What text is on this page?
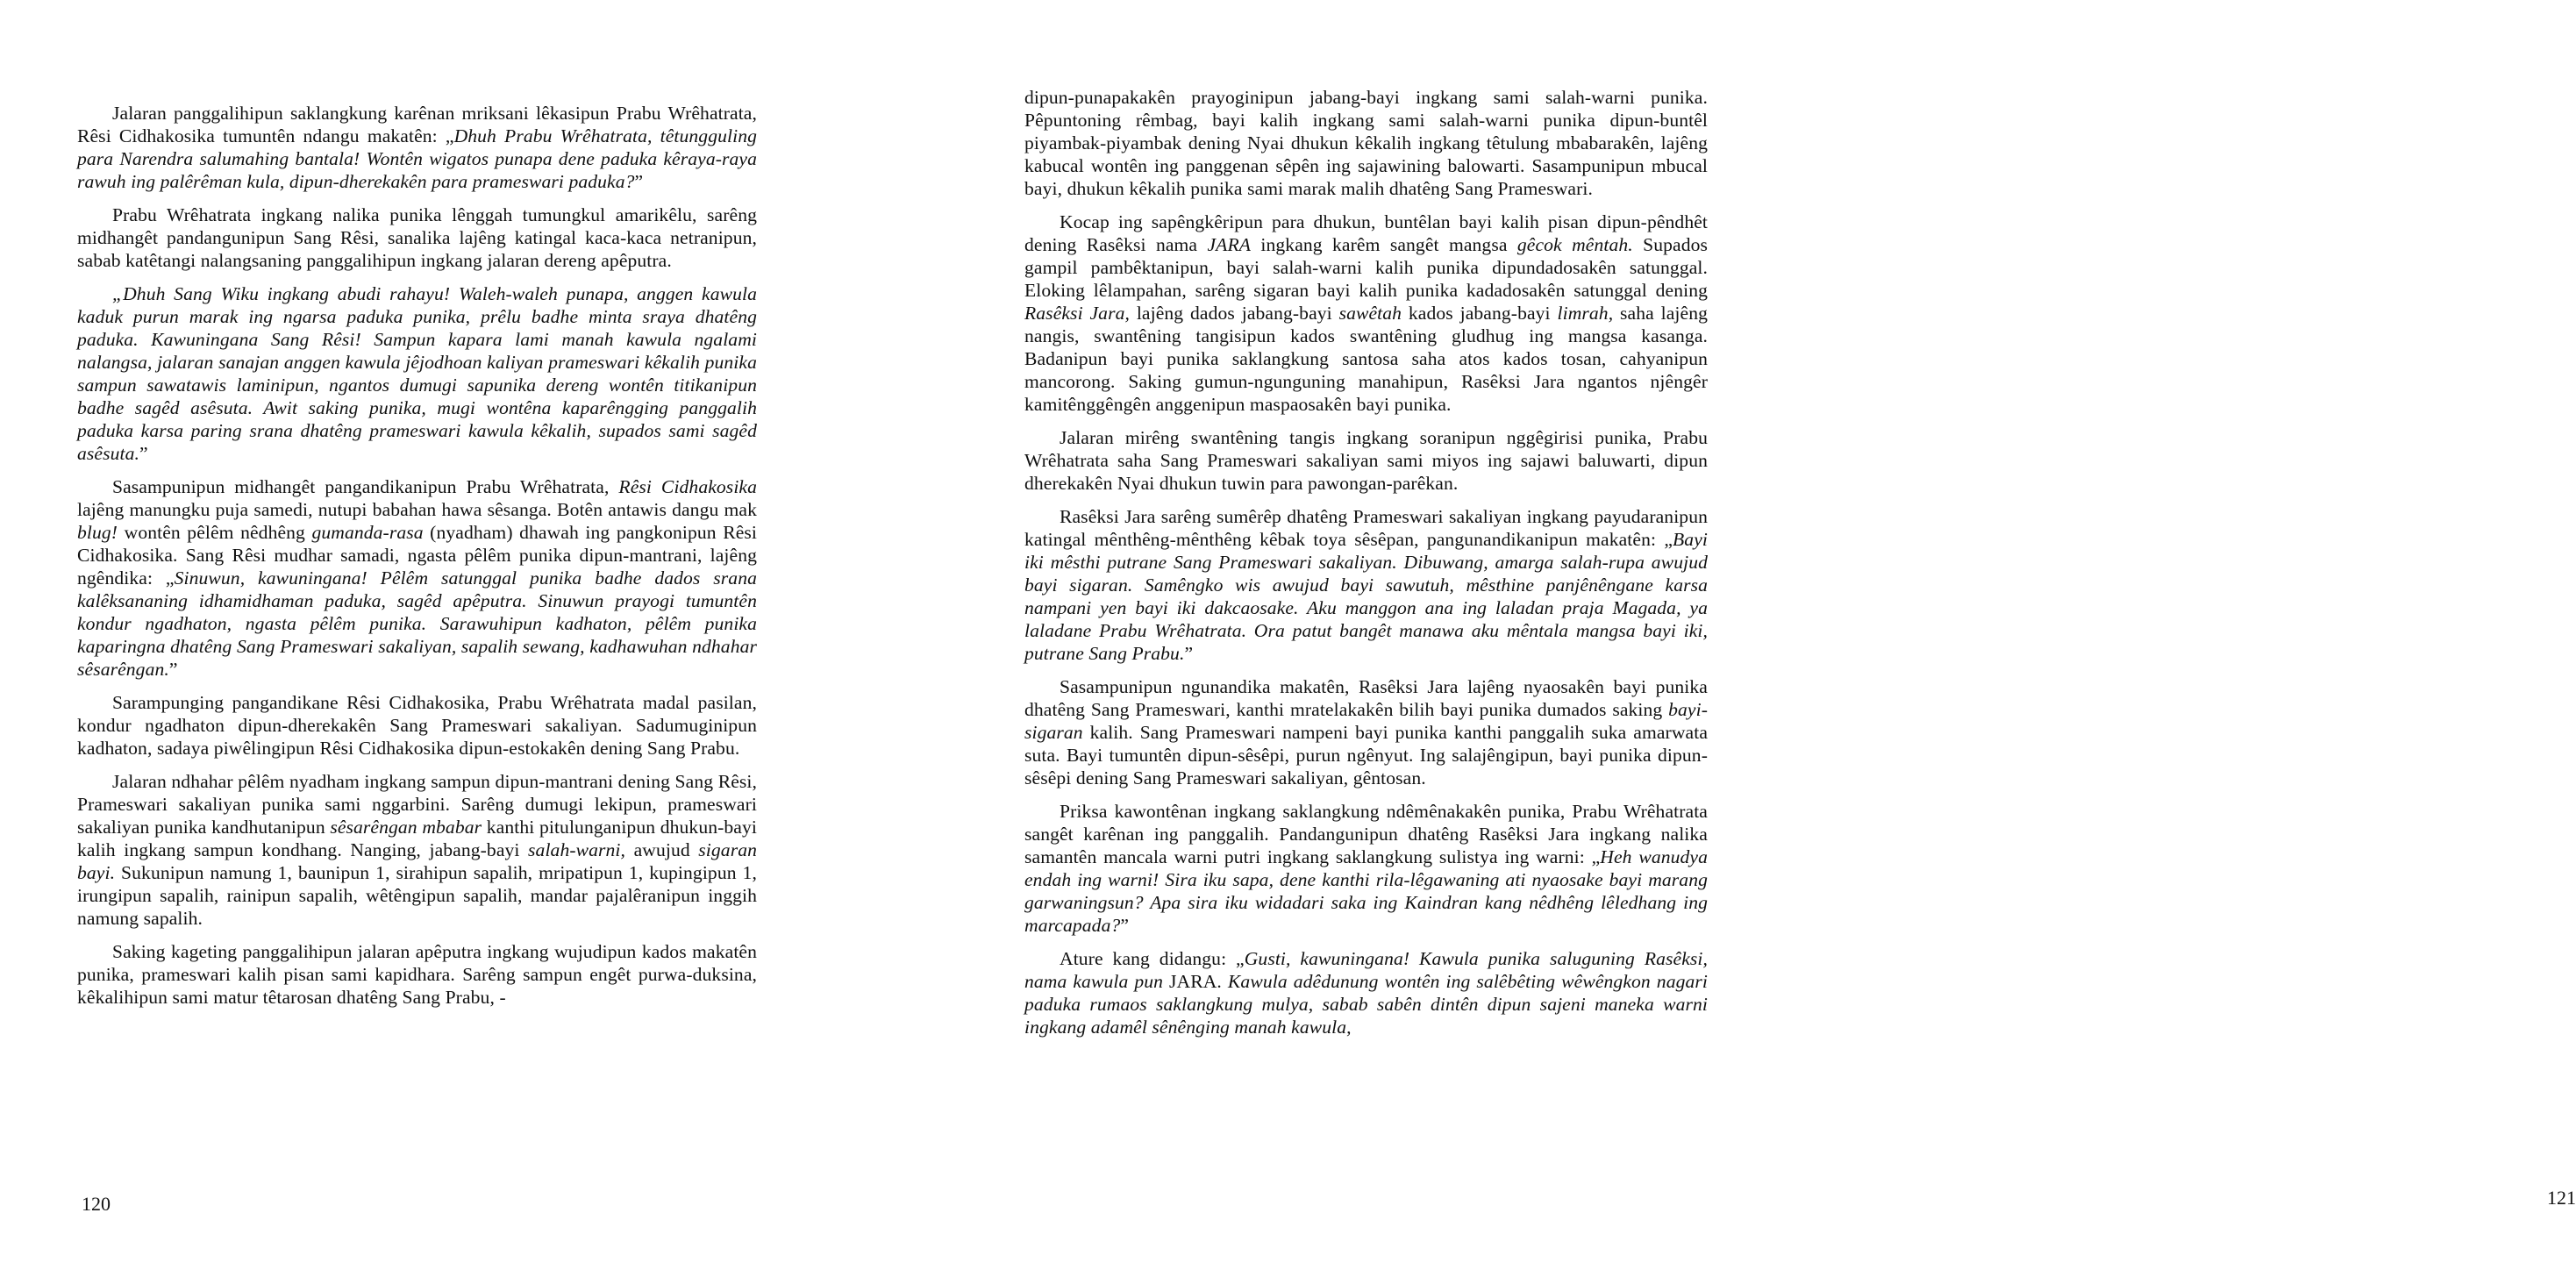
Jalaran panggalihipun saklangkung karênan mriksani lêkasipun Prabu Wrêhatrata, Rêsi Cidhakosika tumuntên ndangu makatên: „Dhuh Prabu Wrêhatrata, têtungguling para Narendra salumahing bantala! Wontên wigatos punapa dene paduka kêraya-raya rawuh ing palêrêman kula, dipun-dherekakên para prameswari paduka?”

Prabu Wrêhatrata ingkang nalika punika lênggah tumungkul amarikêlu, sarêng midhangêt pandangunipun Sang Rêsi, sanalika lajêng katingal kaca-kaca netranipun, sabab katêtangi nalangsaning panggalihipun ingkang jalaran dereng apêputra.

„Dhuh Sang Wiku ingkang abudi rahayu! Waleh-waleh punapa, anggen kawula kaduk purun marak ing ngarsa paduka punika, prêlu badhe minta sraya dhatêng paduka. Kawuningana Sang Rêsi! Sampun kapara lami manah kawula ngalami nalangsa, jalaran sanajan anggen kawula jêjodhoan kaliyan prameswari kêkalih punika sampun sawatawis laminipun, ngantos dumugi sapunika dereng wontên titikanipun badhe sagêd asêsuta. Awit saking punika, mugi wontêna kaparêngging panggalih paduka karsa paring srana dhatêng prameswari kawula kêkalih, supados sami sagêd asêsuta.”

Sasampunipun midhangêt pangandikanipun Prabu Wrêhatrata, Rêsi Cidhakosika lajêng manungku puja samedi, nutupi babahan hawa sêsanga. Botên antawis dangu mak blug! wontên pêlêm nêdhêng gumanda-rasa (nyadham) dhawah ing pangkonipun Rêsi Cidhakosika. Sang Rêsi mudhar samadi, ngasta pêlêm punika dipun-mantrani, lajêng ngêndika: „Sinuwun, kawuningana! Pêlêm satunggal punika badhe dados srana kalêksananing idhamidhaman paduka, sagêd apêputra. Sinuwun prayogi tumuntên kondur ngadhaton, ngasta pêlêm punika. Sarawuhipun kadhaton, pêlêm punika kaparingna dhatêng Sang Prameswari sakaliyan, sapalih sewang, kadhawuhan ndhahar sêsarêngan.”

Sarampunging pangandikane Rêsi Cidhakosika, Prabu Wrêhatrata madal pasilan, kondur ngadhaton dipun-dherekakên Sang Prameswari sakaliyan. Sadumuginipun kadhaton, sadaya piwêlingipun Rêsi Cidhakosika dipun-estokakên dening Sang Prabu.

Jalaran ndhahar pêlêm nyadham ingkang sampun dipun-mantrani dening Sang Rêsi, Prameswari sakaliyan punika sami nggarbini. Sarêng dumugi lekipun, prameswari sakaliyan punika kandhutanipun sêsarêngan mbabar kanthi pitulunganipun dhukun-bayi kalih ingkang sampun kondhang. Nanging, jabang-bayi salah-warni, awujud sigaran bayi. Sukunipun namung 1, baunipun 1, sirahipun sapalih, mripatipun 1, kupingipun 1, irungipun sapalih, rainipun sapalih, wêtêngipun sapalih, mandar pajalêranipun inggih namung sapalih.

Saking kageting panggalihipun jalaran apêputra ingkang wujudipun kados makatên punika, prameswari kalih pisan sami kapidhara. Sarêng sampun engêt purwa-duksina, kêkalihipun sami matur têtarosan dhatêng Sang Prabu, -

120

dipun-punapakakên prayoginipun jabang-bayi ingkang sami salah-warni punika. Pêpuntoning rêmbag, bayi kalih ingkang sami salah-warni punika dipun-buntêl piyambak-piyambak dening Nyai dhukun kêkalih ingkang têtulung mbabarakên, lajêng kabucal wontên ing panggenan sêpên ing sajawining balowarti. Sasampunipun mbucal bayi, dhukun kêkalih punika sami marak malih dhatêng Sang Prameswari.

Kocap ing sapêngkêripun para dhukun, buntêlan bayi kalih pisan dipun-pêndhêt dening Rasêksi nama JARA ingkang karêm sangêt mangsa gêcok mêntah. Supados gampil pambêktanipun, bayi salah-warni kalih punika dipundadosakên satunggal. Eloking lêlampahan, sarêng sigaran bayi kalih punika kadadosakên satunggal dening Rasêksi Jara, lajêng dados jabang-bayi sawêtah kados jabang-bayi limrah, saha lajêng nangis, swantêning tangisipun kados swantêning gludhug ing mangsa kasanga. Badanipun bayi punika saklangkung santosa saha atos kados tosan, cahyanipun mancorong. Saking gumun-ngunguning manahipun, Rasêksi Jara ngantos njêngêr kamitênggêngên anggenipun maspaosakên bayi punika.

Jalaran mirêng swantêning tangis ingkang soranipun nggêgirisi punika, Prabu Wrêhatrata saha Sang Prameswari sakaliyan sami miyos ing sajawi baluwarti, dipun dherekakên Nyai dhukun tuwin para pawongan-parêkan.

Rasêksi Jara sarêng sumêrêp dhatêng Prameswari sakaliyan ingkang payudaranipun katingal mênthêng-mênthêng kêbak toya sêsêpan, pangunandikanipun makatên: „Bayi iki mêsthi putrane Sang Prameswari sakaliyan. Dibuwang, amarga salah-rupa awujud bayi sigaran. Samêngko wis awujud bayi sawutuh, mêsthine panjênêngane karsa nampani yen bayi iki dakcaosake. Aku manggon ana ing laladan praja Magada, ya laladane Prabu Wrêhatrata. Ora patut bangêt manawa aku mêntala mangsa bayi iki, putrane Sang Prabu.”

Sasampunipun ngunandika makatên, Rasêksi Jara lajêng nyaosakên bayi punika dhatêng Sang Prameswari, kanthi mratelakakên bilih bayi punika dumados saking bayi-sigaran kalih. Sang Prameswari nampeni bayi punika kanthi panggalih suka amarwata suta. Bayi tumuntên dipun-sêsêpi, purun ngênyut. Ing salajêngipun, bayi punika dipun-sêsêpi dening Sang Prameswari sakaliyan, gêntosan.

Priksa kawontênan ingkang saklangkung ndêmênakakên punika, Prabu Wrêhatrata sangêt karênan ing panggalih. Pandangunipun dhatêng Rasêksi Jara ingkang nalika samantên mancala warni putri ingkang saklangkung sulistya ing warni: „Heh wanudya endah ing warni! Sira iku sapa, dene kanthi rila-lêgawaning ati nyaosake bayi marang garwaningsun? Apa sira iku widadari saka ing Kaindran kang nêdhêng lêledhang ing marcapada?”

Ature kang didangu: „Gusti, kawuningana! Kawula punika saluguning Rasêksi, nama kawula pun JARA. Kawula adêdunung wontên ing salêbêting wêwêngkon nagari paduka rumaos saklangkung mulya, sabab sabên dintên dipun sajeni maneka warni ingkang adamêl sênênging manah kawula,

121
